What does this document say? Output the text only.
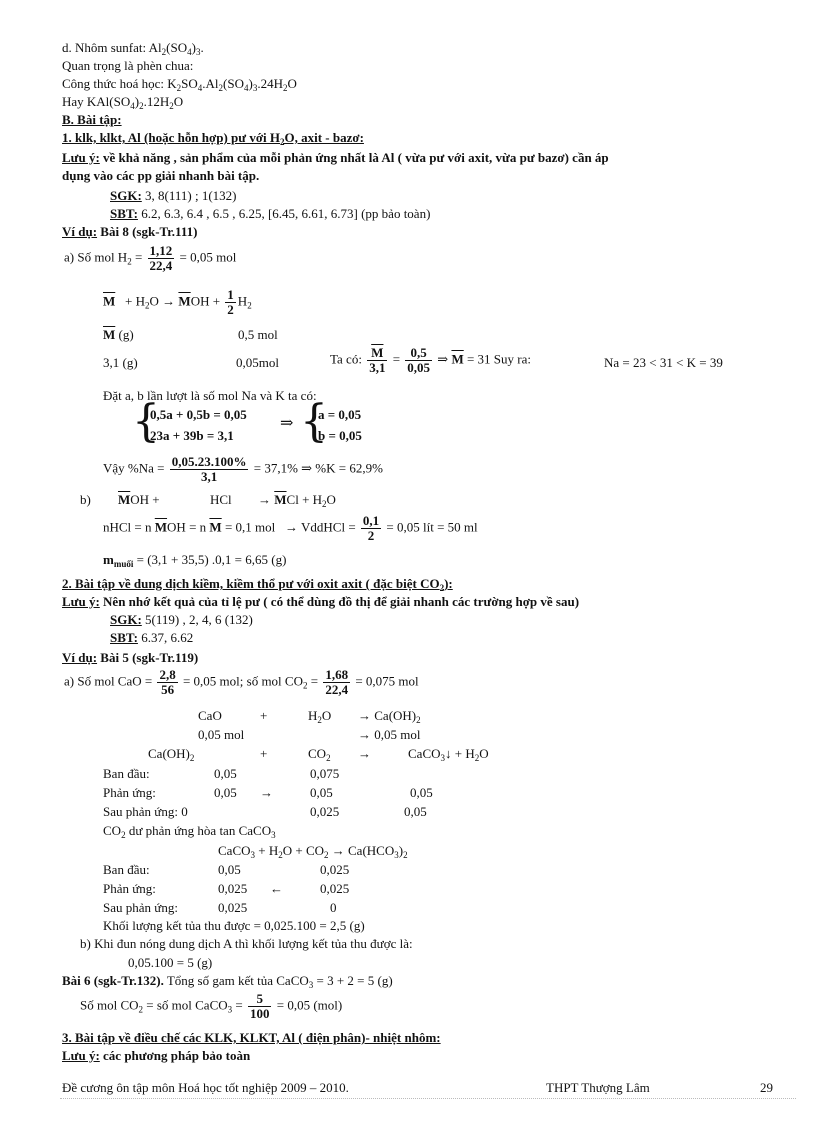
d. Nhôm sunfat: $Al_2(SO_4)_3$.
Quan trọng là phèn chua:
Công thức hoá học: $K_2SO_4.Al_2(SO_4)_3.24H_2O$
Hay $KAl(SO_4)_2.12H_2O$
B. Bài tập:
1. klk, klkt, Al (hoặc hỗn hợp) pư với $H_2O$, axit - bazơ:
Lưu ý: về khả năng , sản phẩm của mỗi phản ứng nhất là Al ( vừa pư với axit, vừa pư bazơ) cần áp
dụng vào các pp giải nhanh bài tập.
SGK: 3, 8(111) ; 1(132)
SBT: 6.2, 6.3, 6.4 , 6.5 , 6.25, [6.45, 6.61, 6.73] (pp bảo toàn)
Ví dụ: Bài 8 (sgk-Tr.111)
a) Số mol $H_2 = \frac{1,12}{22,4} = 0,05$ mol
$\overline{M} + H_2O \to \overline{M}OH + \frac{1}{2} H_2$
$\overline{M}$ (g)	0,5 mol
3,1 (g)	0,05mol	Ta có: $\frac{\overline{M}}{3,1} = \frac{0,5}{0,05}$ ⇒ $\overline{M} = 31$ Suy ra:	Na = 23 < 31 < K = 39
Đặt a, b lần lượt là số mol Na và K ta có:
{
0,5a + 0,5b = 0,05
23a + 39b = 3,1
⇒ {
a = 0,05
b = 0,05
Vậy $\%Na = \frac{0,05.23.100\%}{3,1} = 37,1\%$ ⇒ %K = 62,9%
b) $\overline{M}OH$ +	HCl → $\overline{M}Cl + H_2O$
nHCl = n $\overline{M}OH = n$ $\overline{M} = 0,1$ mol → VddHCl = $\frac{0,1}{2} = 0,05$ lít = 50 ml
$m_{muối} = (3,1 + 35,5) .0,1 = 6,65$ (g)
2. Bài tập về dung dịch kiềm, kiềm thổ pư với oxit axit ( đặc biệt $CO_2$):
Lưu ý: Nên nhớ kết quả của tỉ lệ pư ( có thể dùng đồ thị để giải nhanh các trường hợp về sau)
SGK: 5(119) , 2, 4, 6 (132)
SBT: 6.37, 6.62
Ví dụ: Bài 5 (sgk-Tr.119)
a) Số mol CaO = $\frac{2,8}{56} = 0,05$ mol; số mol $CO_2 = \frac{1,68}{22,4} = 0,075$ mol
CaO	+	$H_2O \to Ca(OH)_2$
0,05 mol	→ 0,05 mol
$Ca(OH)_2$	+	$CO_2$ →	CaCO$_3$↓ + $H_2O$
Ban đầu:	0,05	0,075
Phản ứng:	0,05 →	0,05	0,05
Sau phản ứng: 0	0,025	0,05
$CO_2$ dư phản ứng hòa tan CaCO$_3$
CaCO$_3$ + $H_2O + CO_2 \to Ca(HCO_3)_2$
Ban đầu:	0,05	0,025
Phản ứng:	0,025 ←	0,025
Sau phản ứng:	0,025	0
Khối lượng kết tủa thu được = 0,025.100 = 2,5 (g)
b) Khi đun nóng dung dịch A thì khối lượng kết tủa thu được là:
0,05.100 = 5 (g)
Bài 6 (sgk-Tr.132). Tổng số gam kết tủa CaCO$_3$ = 3 + 2 = 5 (g)
Số mol $CO_2$ = số mol CaCO$_3$ = $\frac{5}{100} = 0,05$ (mol)
3. Bài tập về điều chế các KLK, KLKT, Al ( điện phân)- nhiệt nhôm:
Lưu ý: các phương pháp bảo toàn
Đề cương ôn tập môn Hoá học tốt nghiệp 2009 – 2010.	THPT Thượng Lâm	29
